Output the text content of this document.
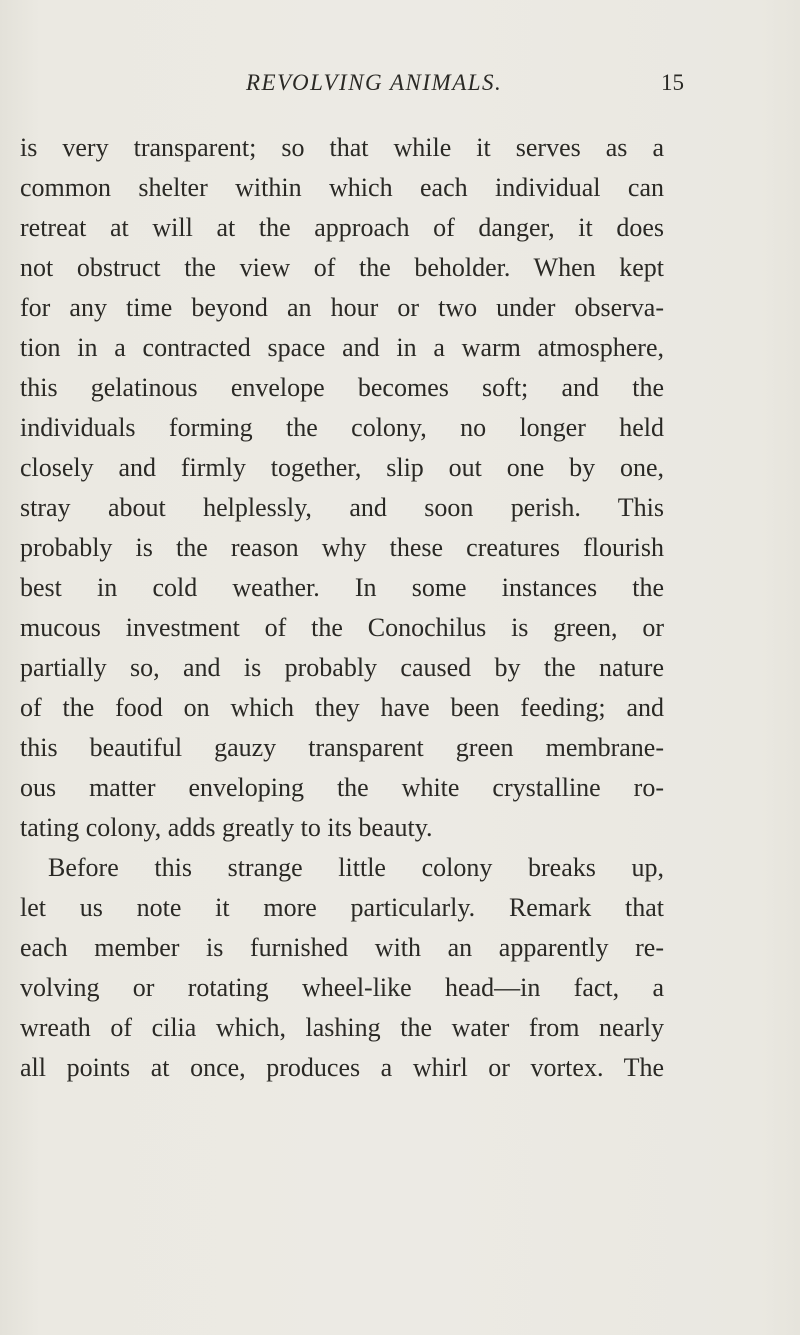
REVOLVING ANIMALS.	15
is very transparent; so that while it serves as a
common shelter within which each individual can
retreat at will at the approach of danger, it does
not obstruct the view of the beholder. When kept
for any time beyond an hour or two under observa-
tion in a contracted space and in a warm atmosphere,
this gelatinous envelope becomes soft; and the
individuals forming the colony, no longer held
closely and firmly together, slip out one by one,
stray about helplessly, and soon perish. This
probably is the reason why these creatures flourish
best in cold weather. In some instances the
mucous investment of the Conochilus is green, or
partially so, and is probably caused by the nature
of the food on which they have been feeding; and
this beautiful gauzy transparent green membrane-
ous matter enveloping the white crystalline ro-
tating colony, adds greatly to its beauty.
Before this strange little colony breaks up,
let us note it more particularly. Remark that
each member is furnished with an apparently re-
volving or rotating wheel-like head—in fact, a
wreath of cilia which, lashing the water from nearly
all points at once, produces a whirl or vortex. The
